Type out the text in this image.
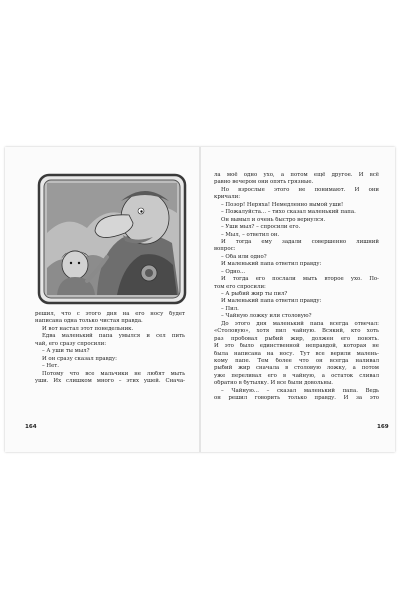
решил, что с этого дня на его носу будет
написана одна только чистая правда.
И вот настал этот понедельник.
Едва маленький папа умылся и сел пить
чай, его сразу спросили:
– А уши ты мыл?
И он сразу сказал правду:
– Нет.
Потому что все мальчики не любят мыть
уши. Их слишком много – этих ушей. Снача-
164
ла моё одно ухо, а потом ещё другое. И всё
равно вечером они опять грязные.
Но взрослые этого не понимают. И они
кричали:
– Позор! Неряха! Немедленно вымой уши!
– Пожалуйста... – тихо сказал маленький папа.
Он вымыл и очень быстро вернулся.
– Уши мыл? – спросили его.
– Мыл, – ответил он.
И тогда ему задали совершенно лишний
вопрос:
– Оба или одно?
И маленький папа ответил правду:
– Одно...
И тогда его послали мыть второе ухо. По-
том его спросили:
– А рыбий жир ты пил?
И маленький папа ответил правду:
– Пил.
– Чайную ложку или столовую?
До этого дня маленький папа всегда отвечал:
«Столовую», хотя пил чайную. Всякий, кто хоть
раз пробовал рыбий жир, должен его понять.
И это было единственной неправдой, которая не
была написана на носу. Тут все верили малень-
кому папе. Тем более что он всегда наливал
рыбий жир сначала в столовую ложку, а потом
уже переливал его в чайную, а остаток сливал
обратно в бутылку. И все были довольны.
– Чайную... – сказал маленький папа. Ведь
он решил говорить только правду. И за это
169
